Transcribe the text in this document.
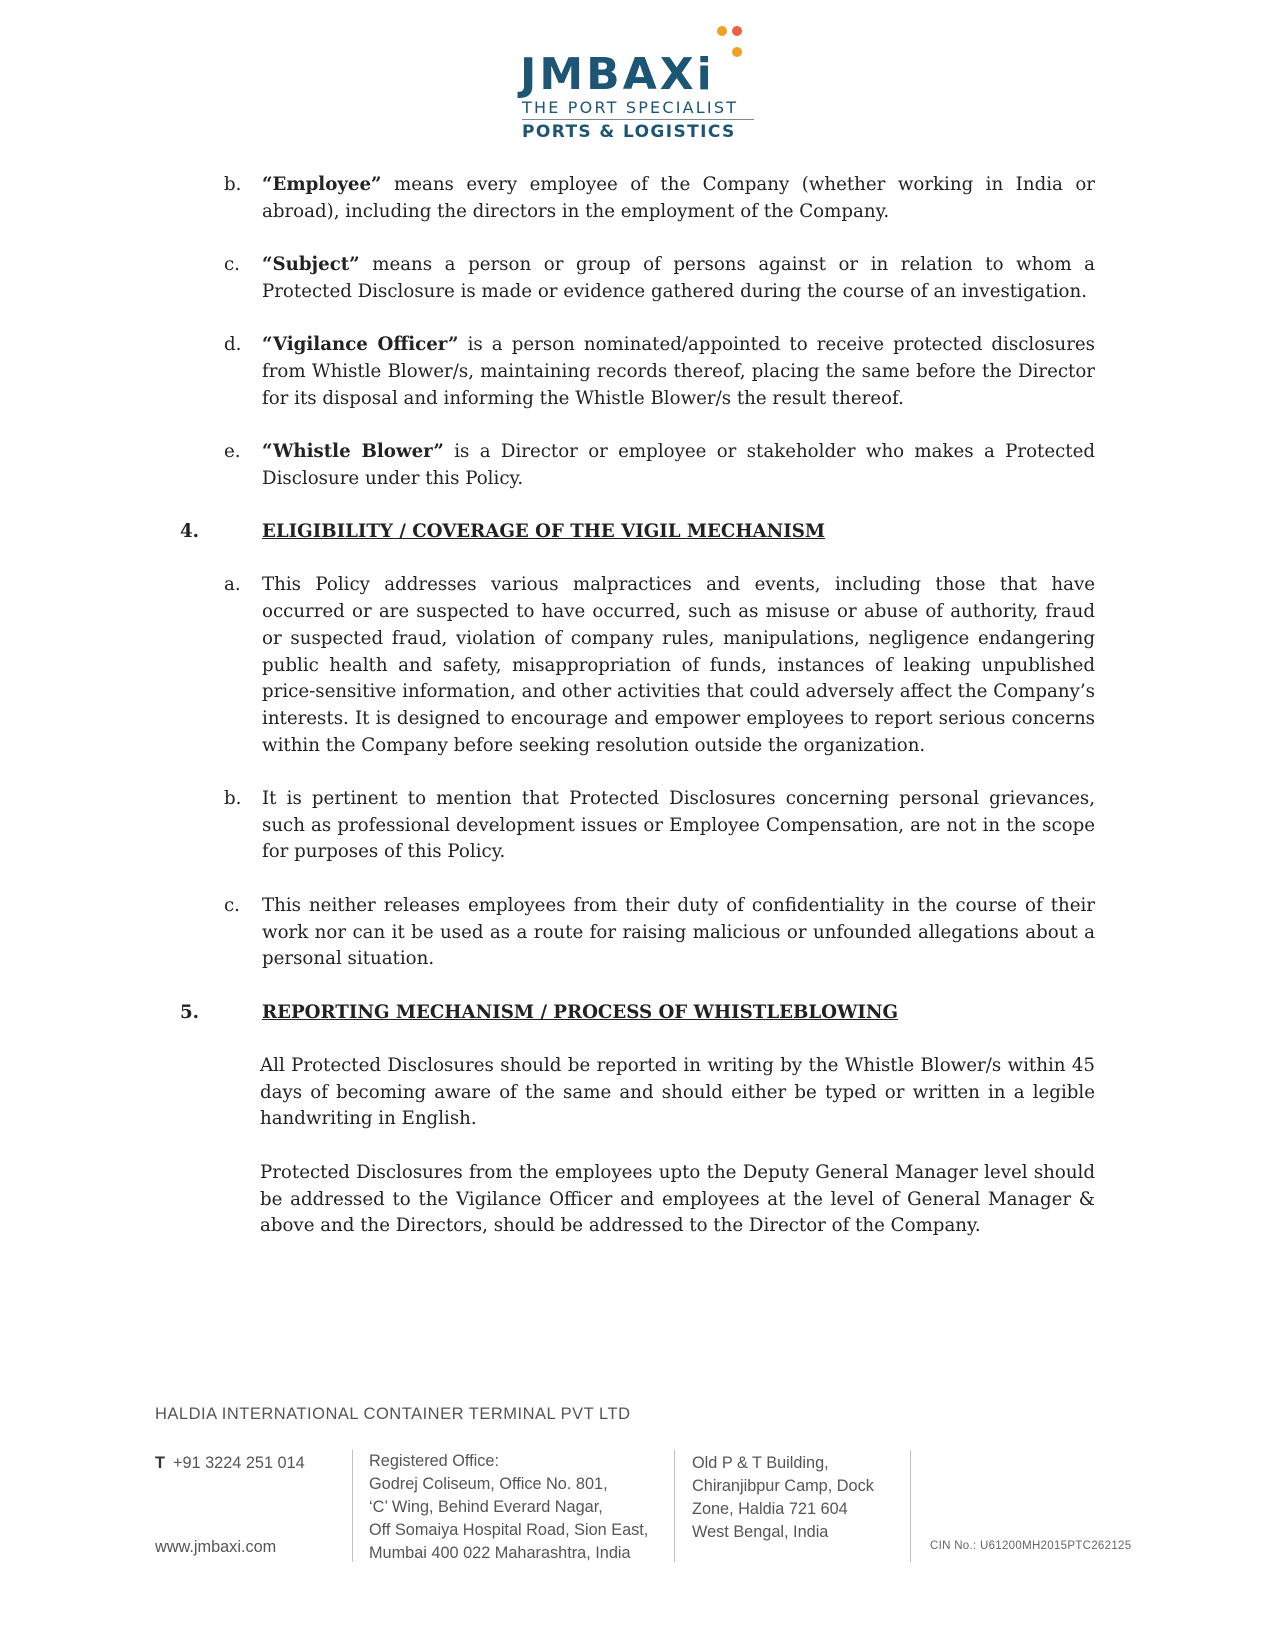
JMBAXi
THE PORT SPECIALIST
PORTS & LOGISTICS
b.	“Employee” means every employee of the Company (whether working in India or abroad), including the directors in the employment of the Company.
c.	“Subject” means a person or group of persons against or in relation to whom a Protected Disclosure is made or evidence gathered during the course of an investigation.
d.	“Vigilance Officer” is a person nominated/appointed to receive protected disclosures from Whistle Blower/s, maintaining records thereof, placing the same before the Director for its disposal and informing the Whistle Blower/s the result thereof.
e.	“Whistle Blower” is a Director or employee or stakeholder who makes a Protected Disclosure under this Policy.
4.	ELIGIBILITY / COVERAGE OF THE VIGIL MECHANISM
a.	This Policy addresses various malpractices and events, including those that have occurred or are suspected to have occurred, such as misuse or abuse of authority, fraud or suspected fraud, violation of company rules, manipulations, negligence endangering public health and safety, misappropriation of funds, instances of leaking unpublished price-sensitive information, and other activities that could adversely affect the Company’s interests. It is designed to encourage and empower employees to report serious concerns within the Company before seeking resolution outside the organization.
b.	It is pertinent to mention that Protected Disclosures concerning personal grievances, such as professional development issues or Employee Compensation, are not in the scope for purposes of this Policy.
c.	This neither releases employees from their duty of confidentiality in the course of their work nor can it be used as a route for raising malicious or unfounded allegations about a personal situation.
5.	REPORTING MECHANISM / PROCESS OF WHISTLEBLOWING
All Protected Disclosures should be reported in writing by the Whistle Blower/s within 45 days of becoming aware of the same and should either be typed or written in a legible handwriting in English.
Protected Disclosures from the employees upto the Deputy General Manager level should be addressed to the Vigilance Officer and employees at the level of General Manager & above and the Directors, should be addressed to the Director of the Company.
HALDIA INTERNATIONAL CONTAINER TERMINAL PVT LTD
T +91 3224 251 014
www.jmbaxi.com
Registered Office:
Godrej Coliseum, Office No. 801,
‘C’ Wing, Behind Everard Nagar,
Off Somaiya Hospital Road, Sion East,
Mumbai 400 022 Maharashtra, India
Old P & T Building,
Chiranjibpur Camp, Dock
Zone, Haldia 721 604
West Bengal, India
CIN No.: U61200MH2015PTC262125
